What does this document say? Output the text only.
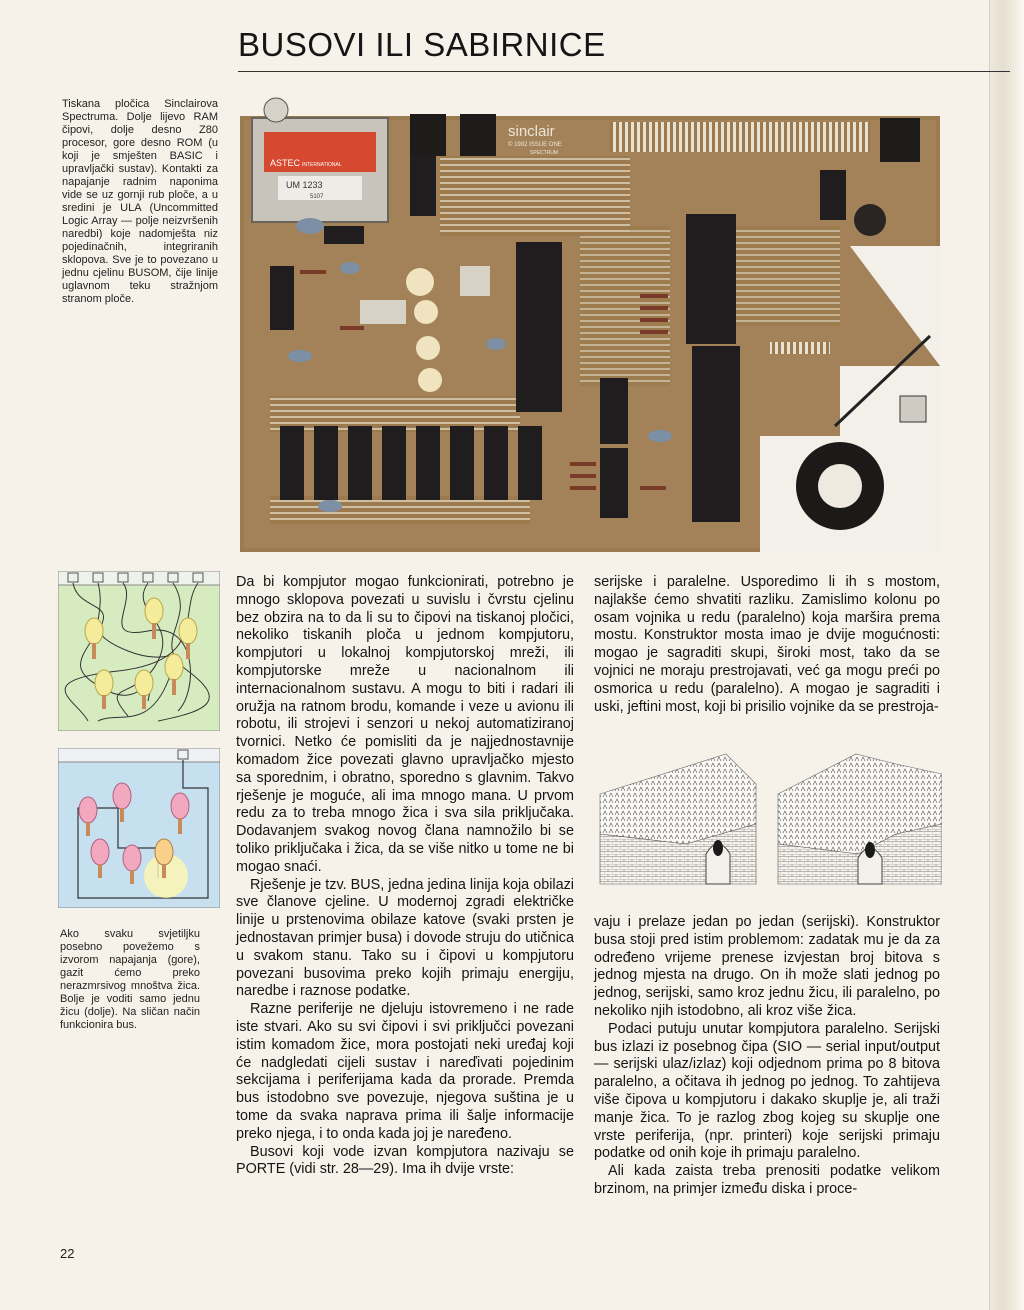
BUSOVI ILI SABIRNICE

Tiskana pločica Sinclairova Spectruma. Dolje lijevo RAM čipovi, dolje desno Z80 procesor, gore desno ROM (u koji je smješten BASIC i upravljački sustav). Kontakti za napajanje radnim naponima vide se uz gornji rub ploče, a u sredini je ULA (Uncommitted Logic Array — polje neizvršenih naredbi) koje nadomješta niz pojedinačnih, integriranih sklopova. Sve je to povezano u jednu cjelinu BUSOM, čije linije uglavnom teku stražnjom stranom ploče.

ASTEC INTERNATIONAL
UM 1233
5107
sinclair
© 1982 ISSUE ONE
SPECTRUM

Ako svaku svjetiljku posebno povežemo s izvorom napajanja (gore), gazit ćemo preko nerazmrsivog mnoštva žica. Bolje je voditi samo jednu žicu (dolje). Na sličan način funkcionira bus.

Da bi kompjutor mogao funkcionirati, potrebno je mnogo sklopova povezati u suvislu i čvrstu cjelinu bez obzira na to da li su to čipovi na tiskanoj pločici, nekoliko tiskanih ploča u jednom kompjutoru, kompjutori u lokalnoj kompjutorskoj mreži, ili kompjutorske mreže u nacionalnom ili internacionalnom sustavu. A mogu to biti i radari ili oružja na ratnom brodu, komande i veze u avionu ili robotu, ili strojevi i senzori u nekoj automatiziranoj tvornici. Netko će pomisliti da je najjednostavnije komadom žice povezati glavno upravljačko mjesto sa sporednim, i obratno, sporedno s glavnim. Takvo rješenje je moguće, ali ima mnogo mana. U prvom redu za to treba mnogo žica i sva sila priključaka. Dodavanjem svakog novog člana namnožilo bi se toliko priključaka i žica, da se više nitko u tome ne bi mogao snaći.

Rješenje je tzv. BUS, jedna jedina linija koja obilazi sve članove cjeline. U modernoj zgradi električke linije u prstenovima obilaze katove (svaki prsten je jednostavan primjer busa) i dovode struju do utičnica u svakom stanu. Tako su i čipovi u kompjutoru povezani busovima preko kojih primaju energiju, naredbe i raznose podatke.

Razne periferije ne djeluju istovremeno i ne rade iste stvari. Ako su svi čipovi i svi priključci povezani istim komadom žice, mora postojati neki uređaj koji će nadgledati cijeli sustav i nareďivati pojedinim sekcijama i periferijama kada da prorade. Premda bus istodobno sve povezuje, njegova suština je u tome da svaka naprava prima ili šalje informacije preko njega, i to onda kada joj je naređeno.

Busovi koji vode izvan kompjutora nazivaju se PORTE (vidi str. 28—29). Ima ih dvije vrste:

serijske i paralelne. Usporedimo li ih s mostom, najlakše ćemo shvatiti razliku. Zamislimo kolonu po osam vojnika u redu (paralelno) koja maršira prema mostu. Konstruktor mosta imao je dvije mogućnosti: mogao je sagraditi skupi, široki most, tako da se vojnici ne moraju prestrojavati, već ga mogu preći po osmorica u redu (paralelno). A mogao je sagraditi i uski, jeftini most, koji bi prisilio vojnike da se prestroja-

vaju i prelaze jedan po jedan (serijski). Konstruktor busa stoji pred istim problemom: zadatak mu je da za određeno vrijeme prenese izvjestan broj bitova s jednog mjesta na drugo. On ih može slati jednog po jednog, serijski, samo kroz jednu žicu, ili paralelno, po nekoliko njih istodobno, ali kroz više žica.

Podaci putuju unutar kompjutora paralelno. Serijski bus izlazi iz posebnog čipa (SIO — serial input/output — serijski ulaz/izlaz) koji odjednom prima po 8 bitova paralelno, a očitava ih jednog po jednog. To zahtijeva više čipova u kompjutoru i dakako skuplje je, ali traži manje žica. To je razlog zbog kojeg su skuplje one vrste periferija, (npr. printeri) koje serijski primaju podatke od onih koje ih primaju paralelno.

Ali kada zaista treba prenositi podatke velikom brzinom, na primjer između diska i proce-

22
